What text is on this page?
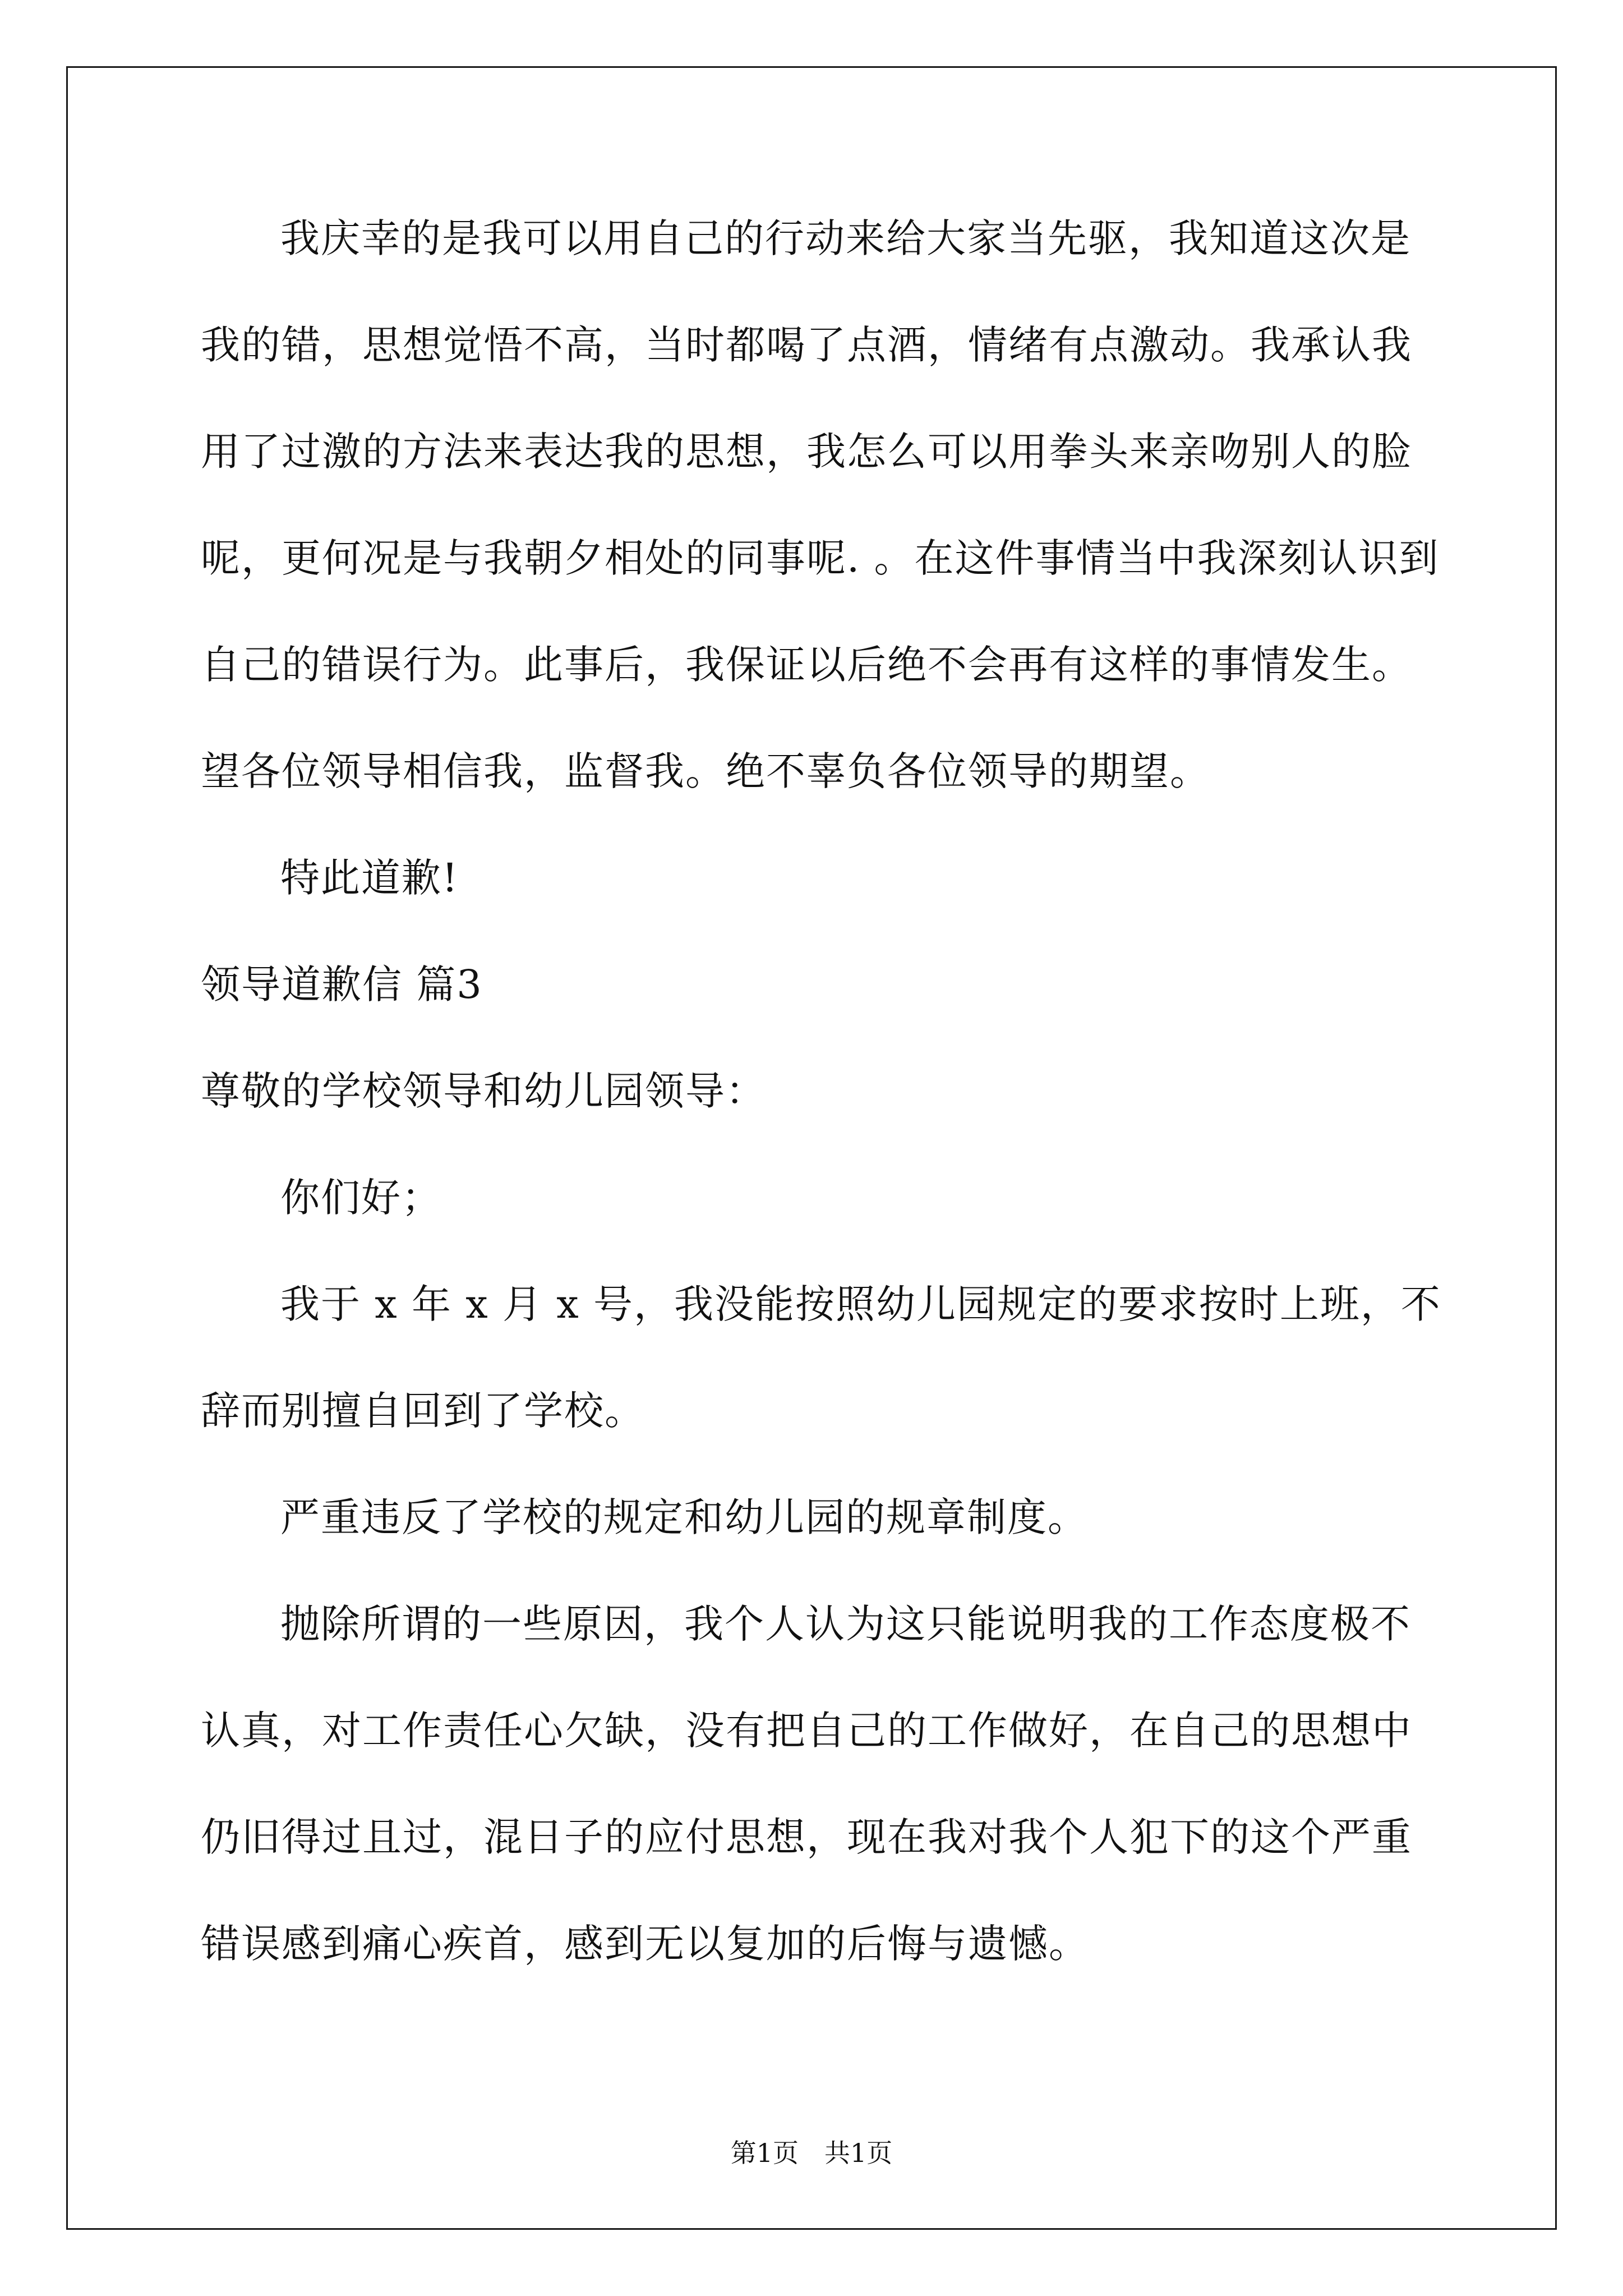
我庆幸的是我可以用自己的行动来给大家当先驱，我知道这次是
我的错，思想觉悟不高，当时都喝了点酒，情绪有点激动。我承认我
用了过激的方法来表达我的思想，我怎么可以用拳头来亲吻别人的脸
呢，更何况是与我朝夕相处的同事呢. 。在这件事情当中我深刻认识到
自己的错误行为。此事后，我保证以后绝不会再有这样的事情发生。
望各位领导相信我，监督我。绝不辜负各位领导的期望。
特此道歉!
领导道歉信 篇3
尊敬的学校领导和幼儿园领导：
你们好；
我于 x 年 x 月 x 号，我没能按照幼儿园规定的要求按时上班，不
辞而别擅自回到了学校。
严重违反了学校的规定和幼儿园的规章制度。
抛除所谓的一些原因，我个人认为这只能说明我的工作态度极不
认真，对工作责任心欠缺，没有把自己的工作做好，在自己的思想中
仍旧得过且过，混日子的应付思想，现在我对我个人犯下的这个严重
错误感到痛心疾首，感到无以复加的后悔与遗憾。
第1页　共1页
